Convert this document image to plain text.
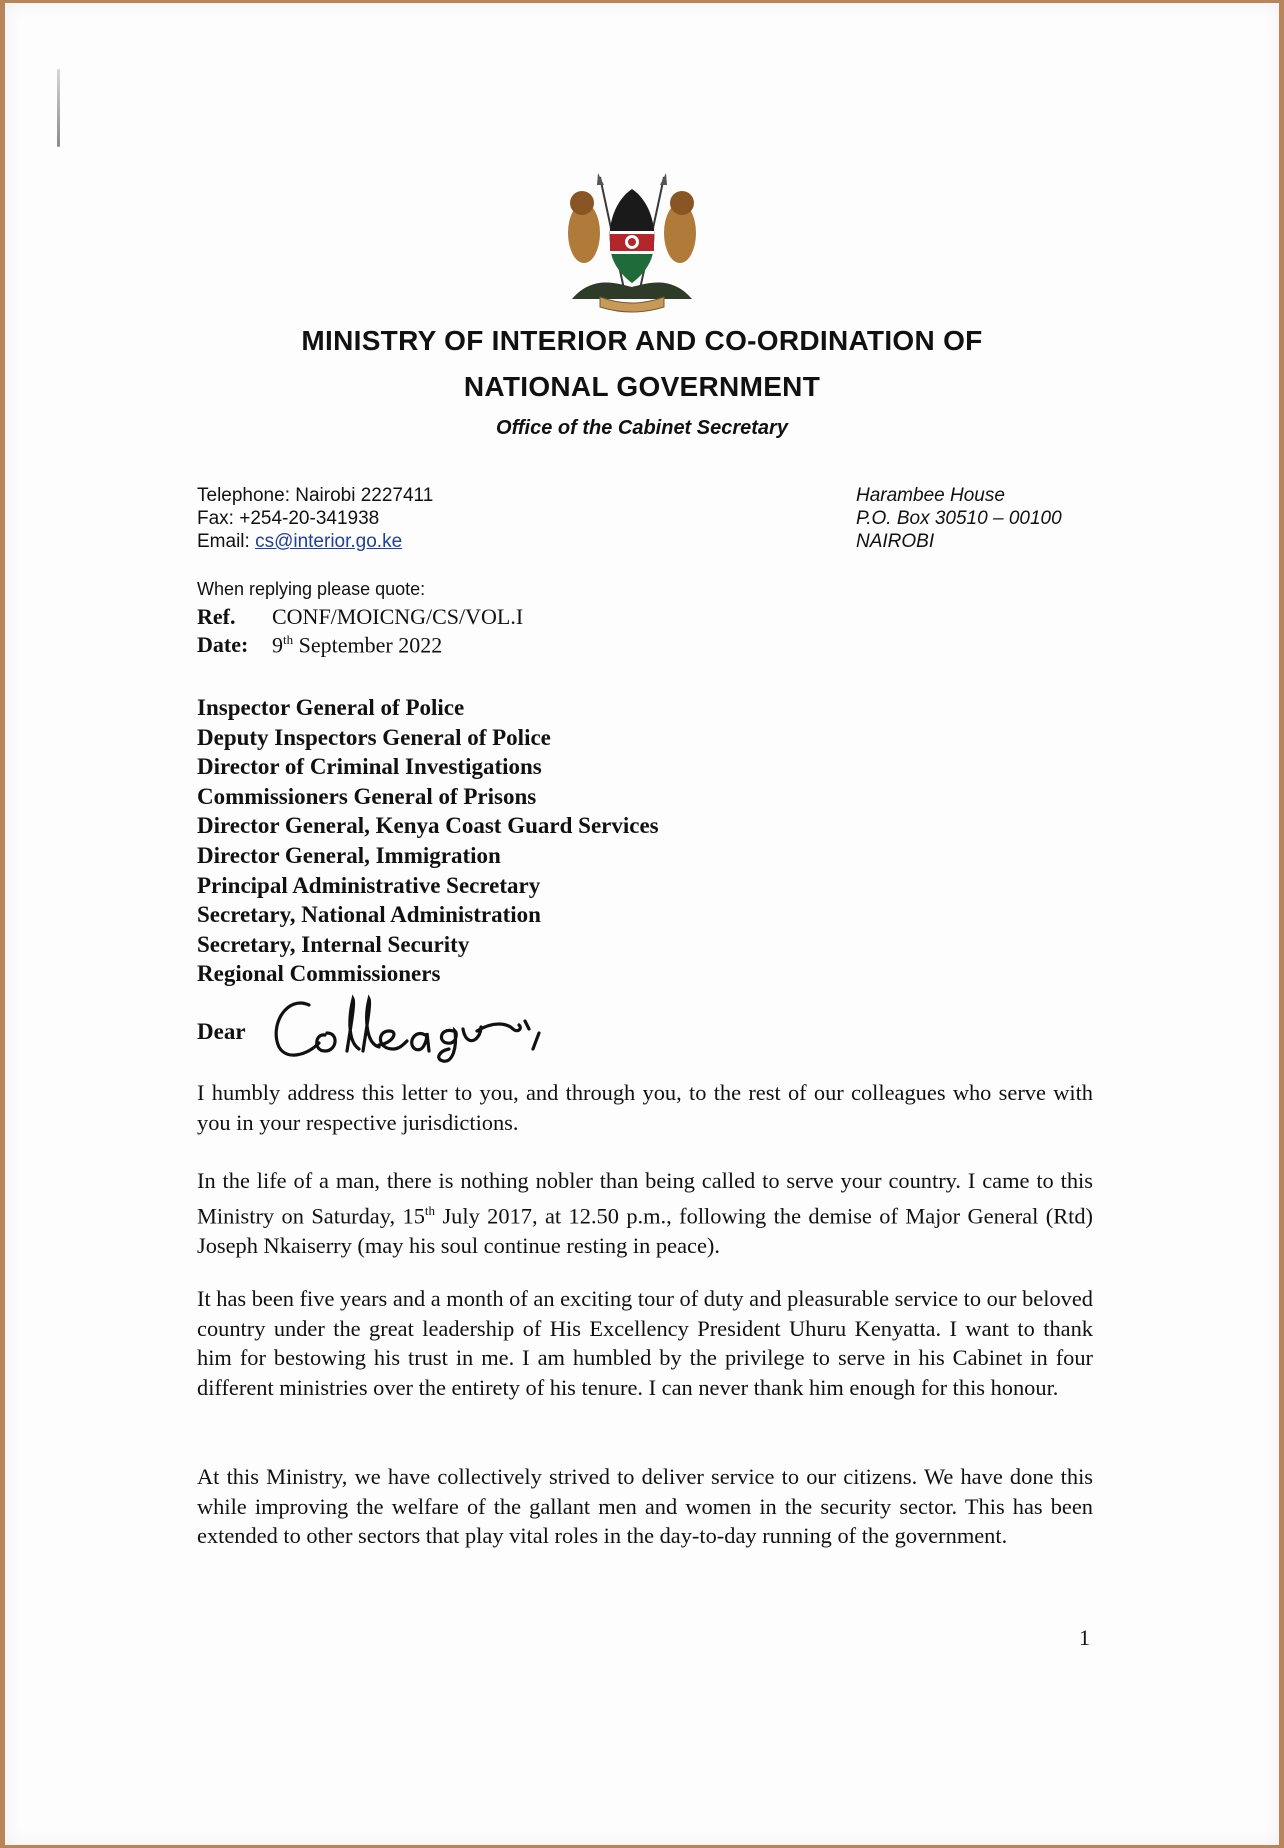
MINISTRY OF INTERIOR AND CO-ORDINATION OF
NATIONAL GOVERNMENT
Office of the Cabinet Secretary
Telephone: Nairobi 2227411
Fax: +254-20-341938
Email: cs@interior.go.ke
Harambee House
P.O. Box 30510 – 00100
NAIROBI
When replying please quote:
Ref. CONF/MOICNG/CS/VOL.I
Date: 9th September 2022
Inspector General of Police
Deputy Inspectors General of Police
Director of Criminal Investigations
Commissioners General of Prisons
Director General, Kenya Coast Guard Services
Director General, Immigration
Principal Administrative Secretary
Secretary, National Administration
Secretary, Internal Security
Regional Commissioners
Dear

I humbly address this letter to you, and through you, to the rest of our colleagues who serve with you in your respective jurisdictions.

In the life of a man, there is nothing nobler than being called to serve your country. I came to this Ministry on Saturday, 15th July 2017, at 12.50 p.m., following the demise of Major General (Rtd) Joseph Nkaiserry (may his soul continue resting in peace).

It has been five years and a month of an exciting tour of duty and pleasurable service to our beloved country under the great leadership of His Excellency President Uhuru Kenyatta. I want to thank him for bestowing his trust in me. I am humbled by the privilege to serve in his Cabinet in four different ministries over the entirety of his tenure. I can never thank him enough for this honour.

At this Ministry, we have collectively strived to deliver service to our citizens. We have done this while improving the welfare of the gallant men and women in the security sector. This has been extended to other sectors that play vital roles in the day-to-day running of the government.

1
